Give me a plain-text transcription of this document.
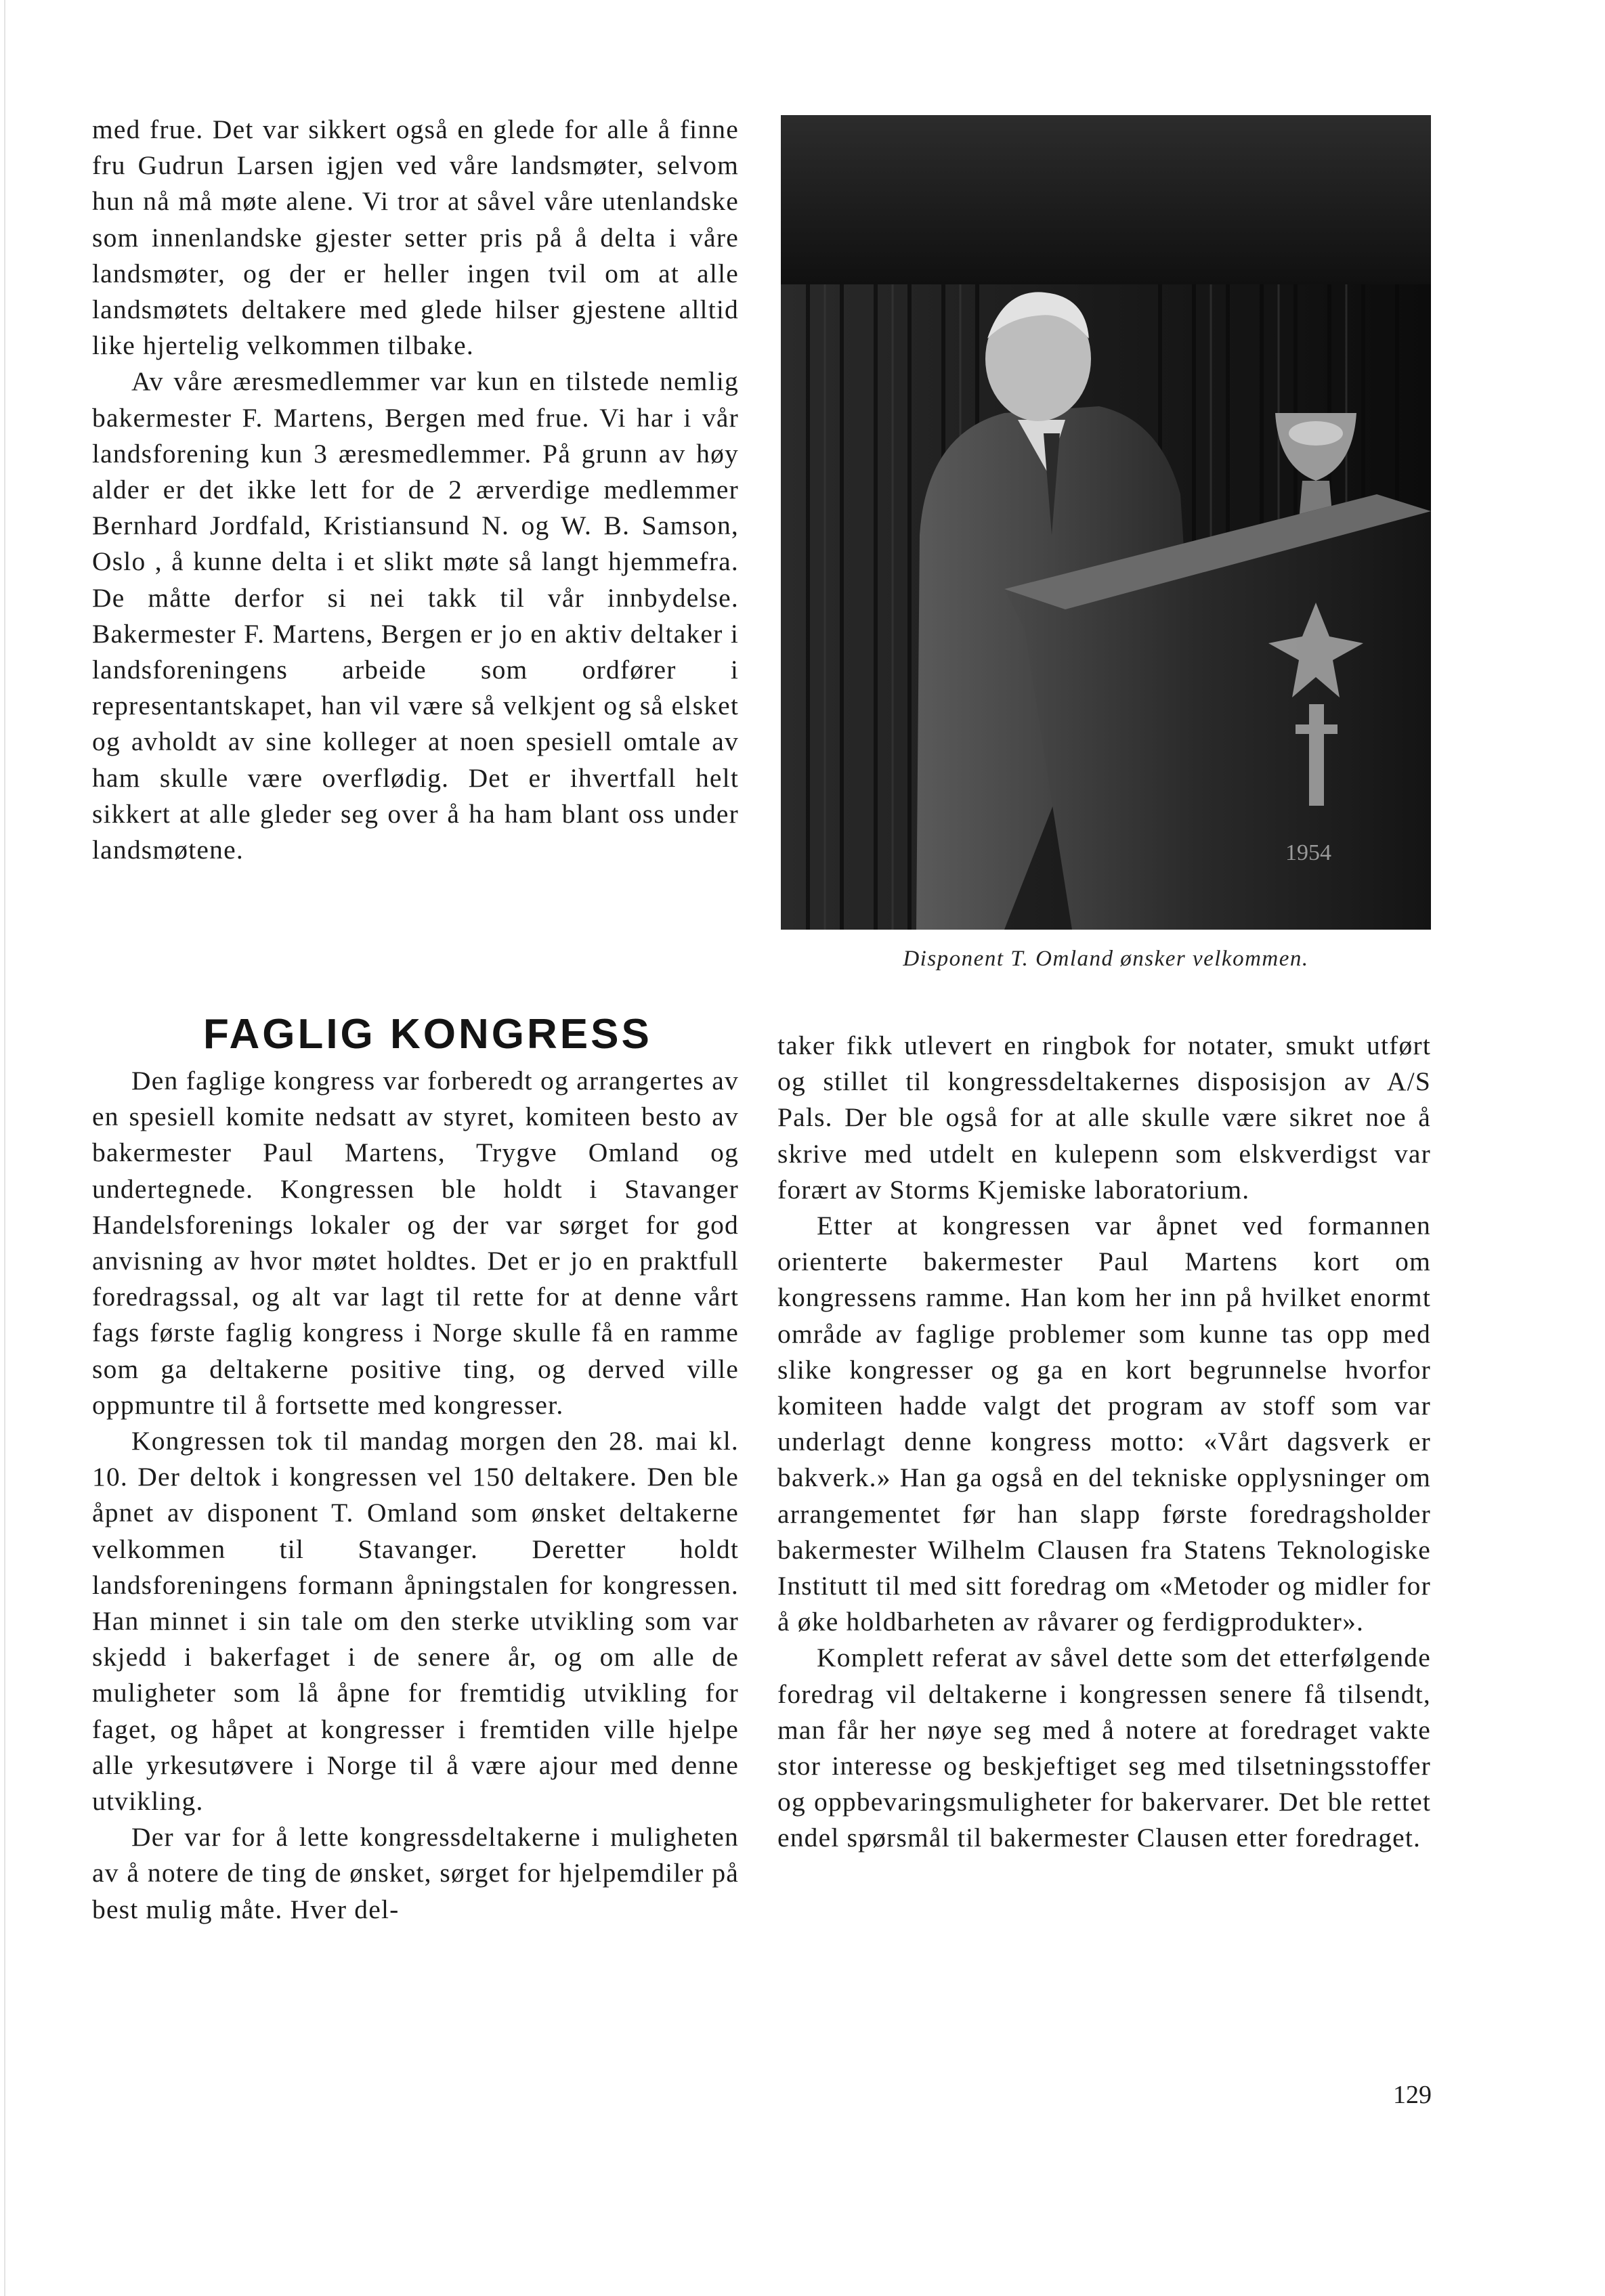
med frue. Det var sikkert også en glede for alle å finne fru Gudrun Larsen igjen ved våre landsmøter, selvom hun nå må møte alene. Vi tror at såvel våre utenlandske som innenlandske gjester setter pris på å delta i våre landsmøter, og der er heller ingen tvil om at alle landsmøtets deltakere med glede hilser gjestene alltid like hjertelig velkommen tilbake.

Av våre æresmedlemmer var kun en tilstede nemlig bakermester F. Martens, Bergen med frue. Vi har i vår landsforening kun 3 æresmedlemmer. På grunn av høy alder er det ikke lett for de 2 ærverdige medlemmer Bernhard Jordfald, Kristiansund N. og W. B. Samson, Oslo , å kunne delta i et slikt møte så langt hjemmefra. De måtte derfor si nei takk til vår innbydelse. Bakermester F. Martens, Bergen er jo en aktiv deltaker i landsforeningens arbeide som ordfører i representantskapet, han vil være så velkjent og så elsket og avholdt av sine kolleger at noen spesiell omtale av ham skulle være overflødig. Det er ihvertfall helt sikkert at alle gleder seg over å ha ham blant oss under landsmøtene.	1954
Disponent T. Omland ønsker velkommen.
FAGLIG KONGRESS

Den faglige kongress var forberedt og arrangertes av en spesiell komite nedsatt av styret, komiteen besto av bakermester Paul Martens, Trygve Omland og undertegnede. Kongressen ble holdt i Stavanger Handelsforenings lokaler og der var sørget for god anvisning av hvor møtet holdtes. Det er jo en praktfull foredragssal, og alt var lagt til rette for at denne vårt fags første faglig kongress i Norge skulle få en ramme som ga deltakerne positive ting, og derved ville oppmuntre til å fortsette med kongresser.

Kongressen tok til mandag morgen den 28. mai kl. 10. Der deltok i kongressen vel 150 deltakere. Den ble åpnet av disponent T. Omland som ønsket deltakerne velkommen til Stavanger. Deretter holdt landsforeningens formann åpningstalen for kongressen. Han minnet i sin tale om den sterke utvikling som var skjedd i bakerfaget i de senere år, og om alle de muligheter som lå åpne for fremtidig utvikling for faget, og håpet at kongresser i fremtiden ville hjelpe alle yrkesutøvere i Norge til å være ajour med denne utvikling.

Der var for å lette kongressdeltakerne i muligheten av å notere de ting de ønsket, sørget for hjelpemdiler på best mulig måte. Hver del-

taker fikk utlevert en ringbok for notater, smukt utført og stillet til kongressdeltakernes disposisjon av A/S Pals. Der ble også for at alle skulle være sikret noe å skrive med utdelt en kulepenn som elskverdigst var forært av Storms Kjemiske laboratorium.

Etter at kongressen var åpnet ved formannen orienterte bakermester Paul Martens kort om kongressens ramme. Han kom her inn på hvilket enormt område av faglige problemer som kunne tas opp med slike kongresser og ga en kort begrunnelse hvorfor komiteen hadde valgt det program av stoff som var underlagt denne kongress motto: «Vårt dagsverk er bakverk.» Han ga også en del tekniske opplysninger om arrangementet før han slapp første foredragsholder bakermester Wilhelm Clausen fra Statens Teknologiske Institutt til med sitt foredrag om «Metoder og midler for å øke holdbarheten av råvarer og ferdigprodukter».

Komplett referat av såvel dette som det etterfølgende foredrag vil deltakerne i kongressen senere få tilsendt, man får her nøye seg med å notere at foredraget vakte stor interesse og beskjeftiget seg med tilsetningsstoffer og oppbevaringsmuligheter for bakervarer. Det ble rettet endel spørsmål til bakermester Clausen etter foredraget.

129
